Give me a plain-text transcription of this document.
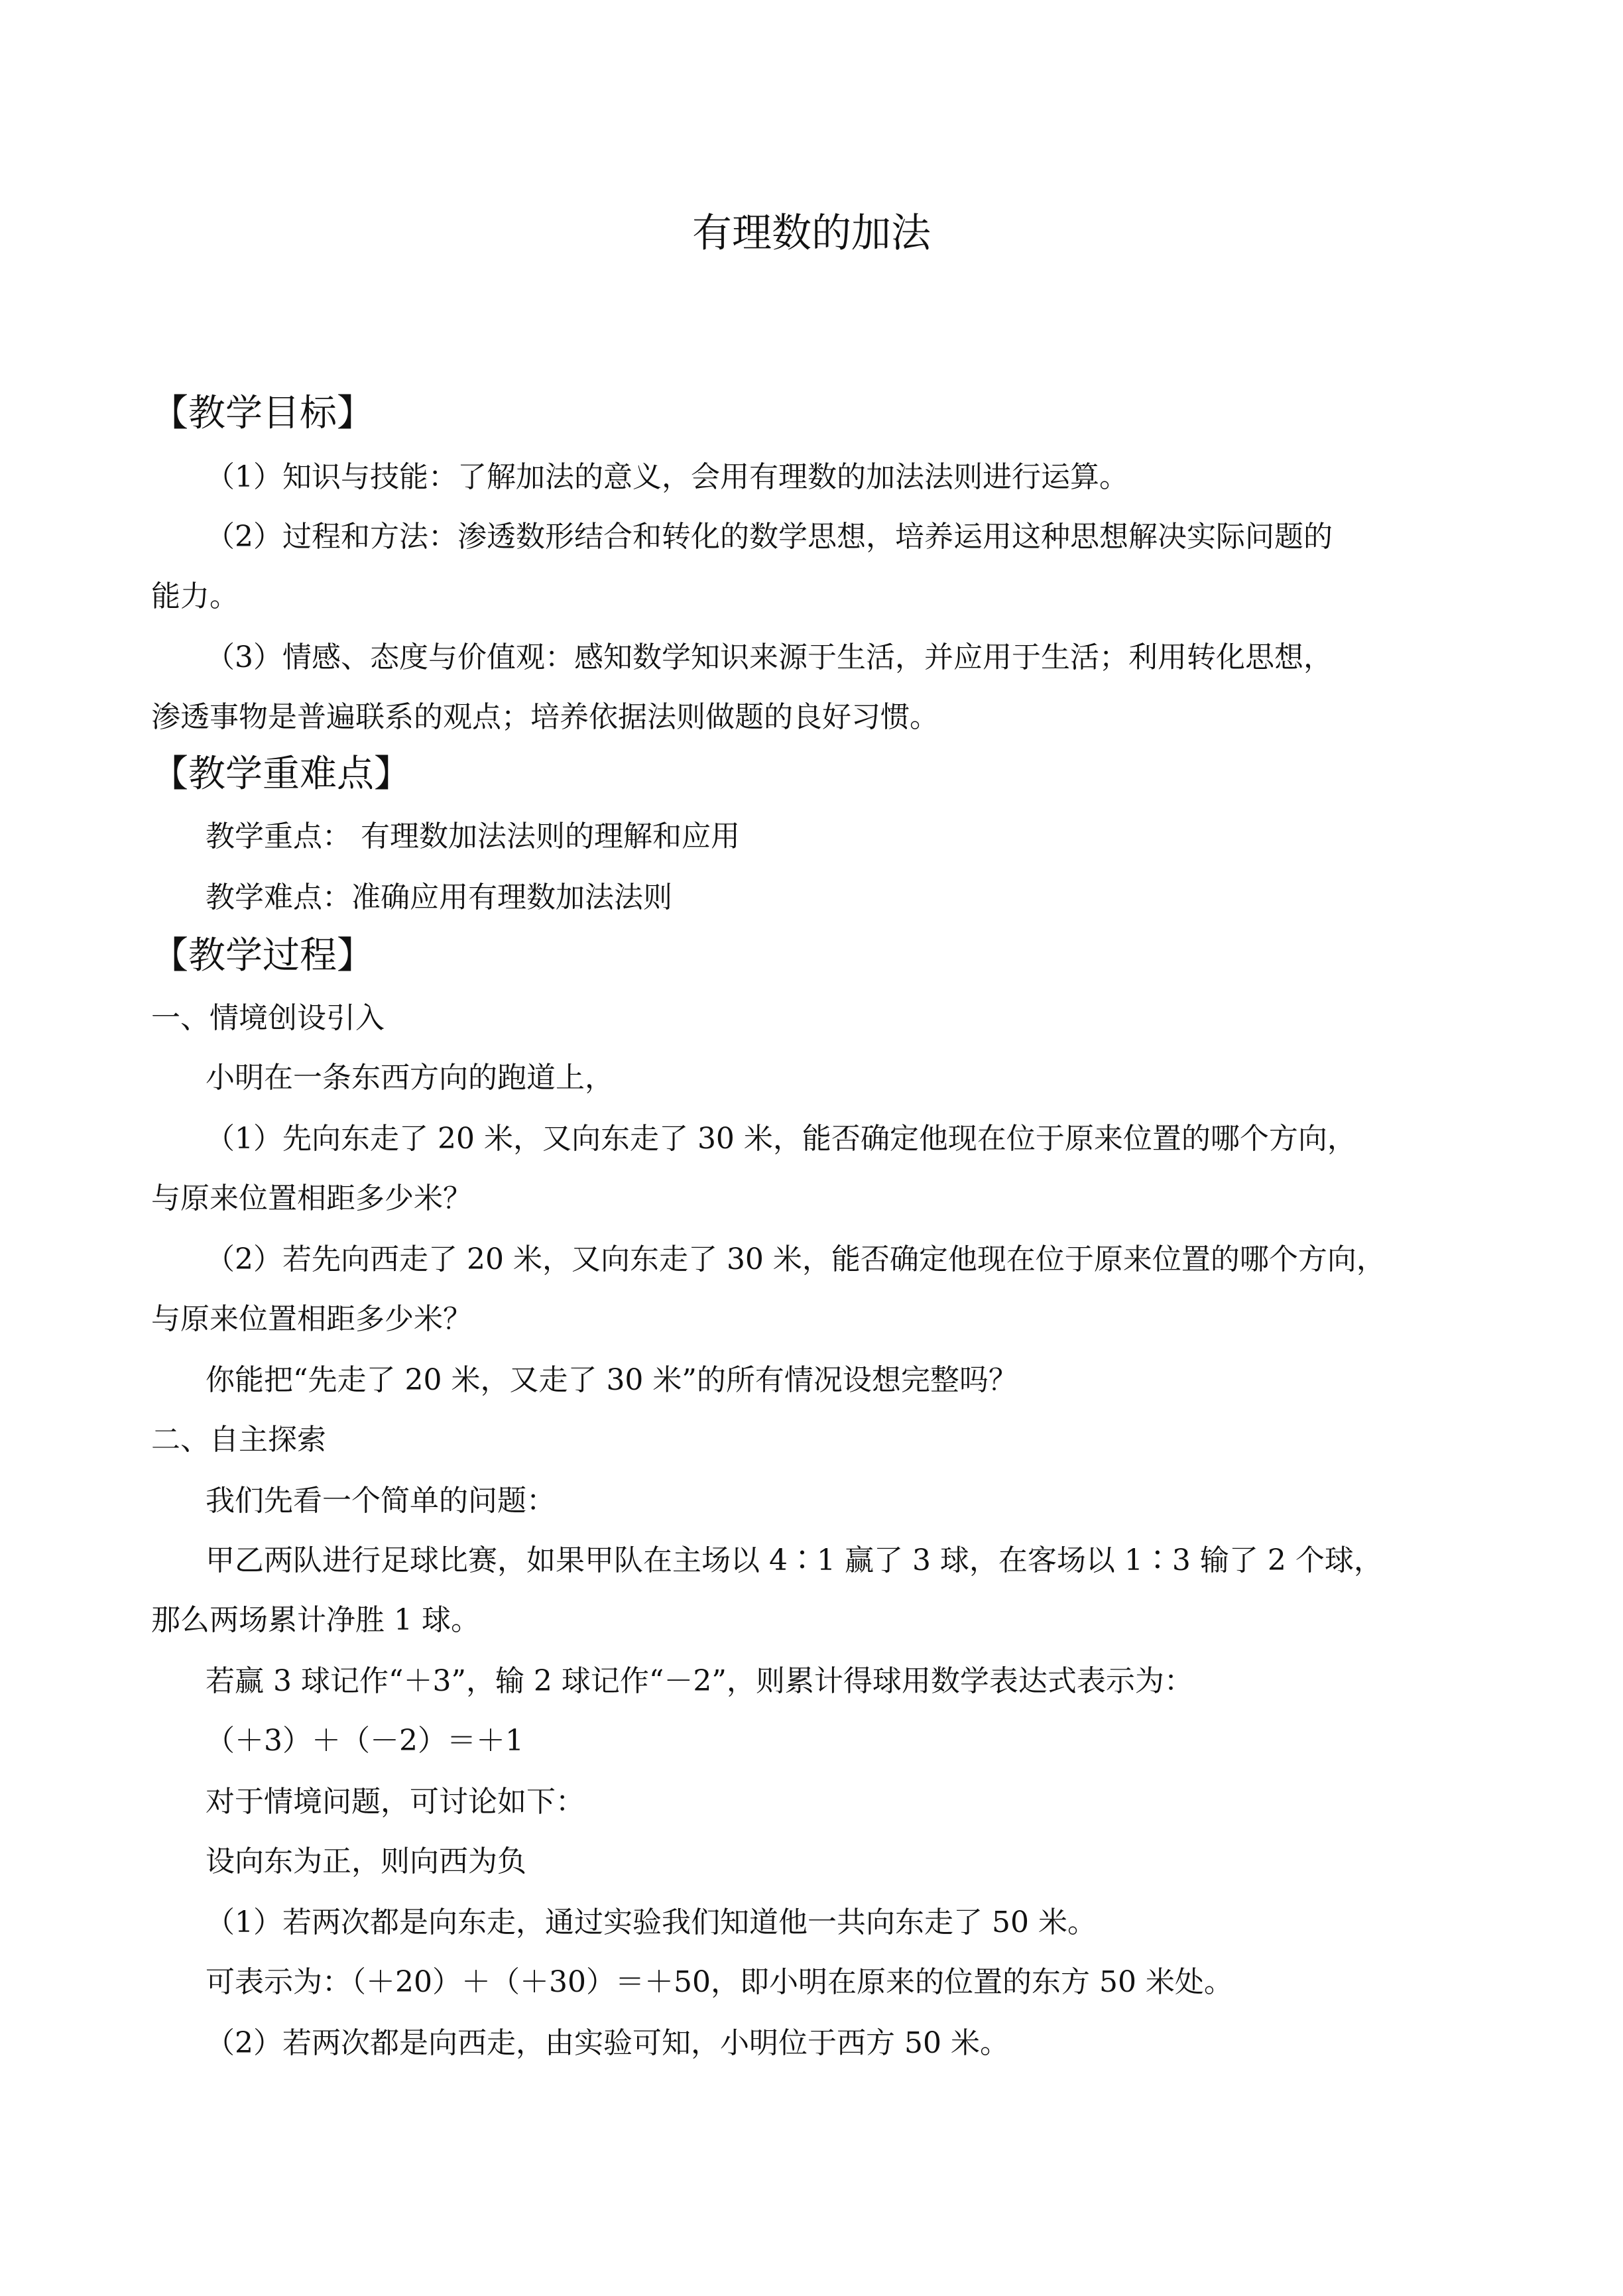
有理数的加法
【教学目标】
（1）知识与技能：了解加法的意义，会用有理数的加法法则进行运算。
（2）过程和方法：渗透数形结合和转化的数学思想，培养运用这种思想解决实际问题的
能力。
（3）情感、态度与价值观：感知数学知识来源于生活，并应用于生活；利用转化思想，
渗透事物是普遍联系的观点；培养依据法则做题的良好习惯。
【教学重难点】
教学重点： 有理数加法法则的理解和应用
教学难点：准确应用有理数加法法则
【教学过程】
一、情境创设引入
小明在一条东西方向的跑道上，
（1）先向东走了 20 米，又向东走了 30 米，能否确定他现在位于原来位置的哪个方向，
与原来位置相距多少米？
（2）若先向西走了 20 米，又向东走了 30 米，能否确定他现在位于原来位置的哪个方向，
与原来位置相距多少米？
你能把“先走了 20 米，又走了 30 米”的所有情况设想完整吗？
二、自主探索
我们先看一个简单的问题：
甲乙两队进行足球比赛，如果甲队在主场以 4∶1 赢了 3 球，在客场以 1∶3 输了 2 个球，
那么两场累计净胜 1 球。
若赢 3 球记作“＋3”，输 2 球记作“－2”，则累计得球用数学表达式表示为：
（＋3）＋（－2）＝＋1
对于情境问题，可讨论如下：
设向东为正，则向西为负
（1）若两次都是向东走，通过实验我们知道他一共向东走了 50 米。
可表示为：（＋20）＋（＋30）＝＋50，即小明在原来的位置的东方 50 米处。
（2）若两次都是向西走，由实验可知，小明位于西方 50 米。
